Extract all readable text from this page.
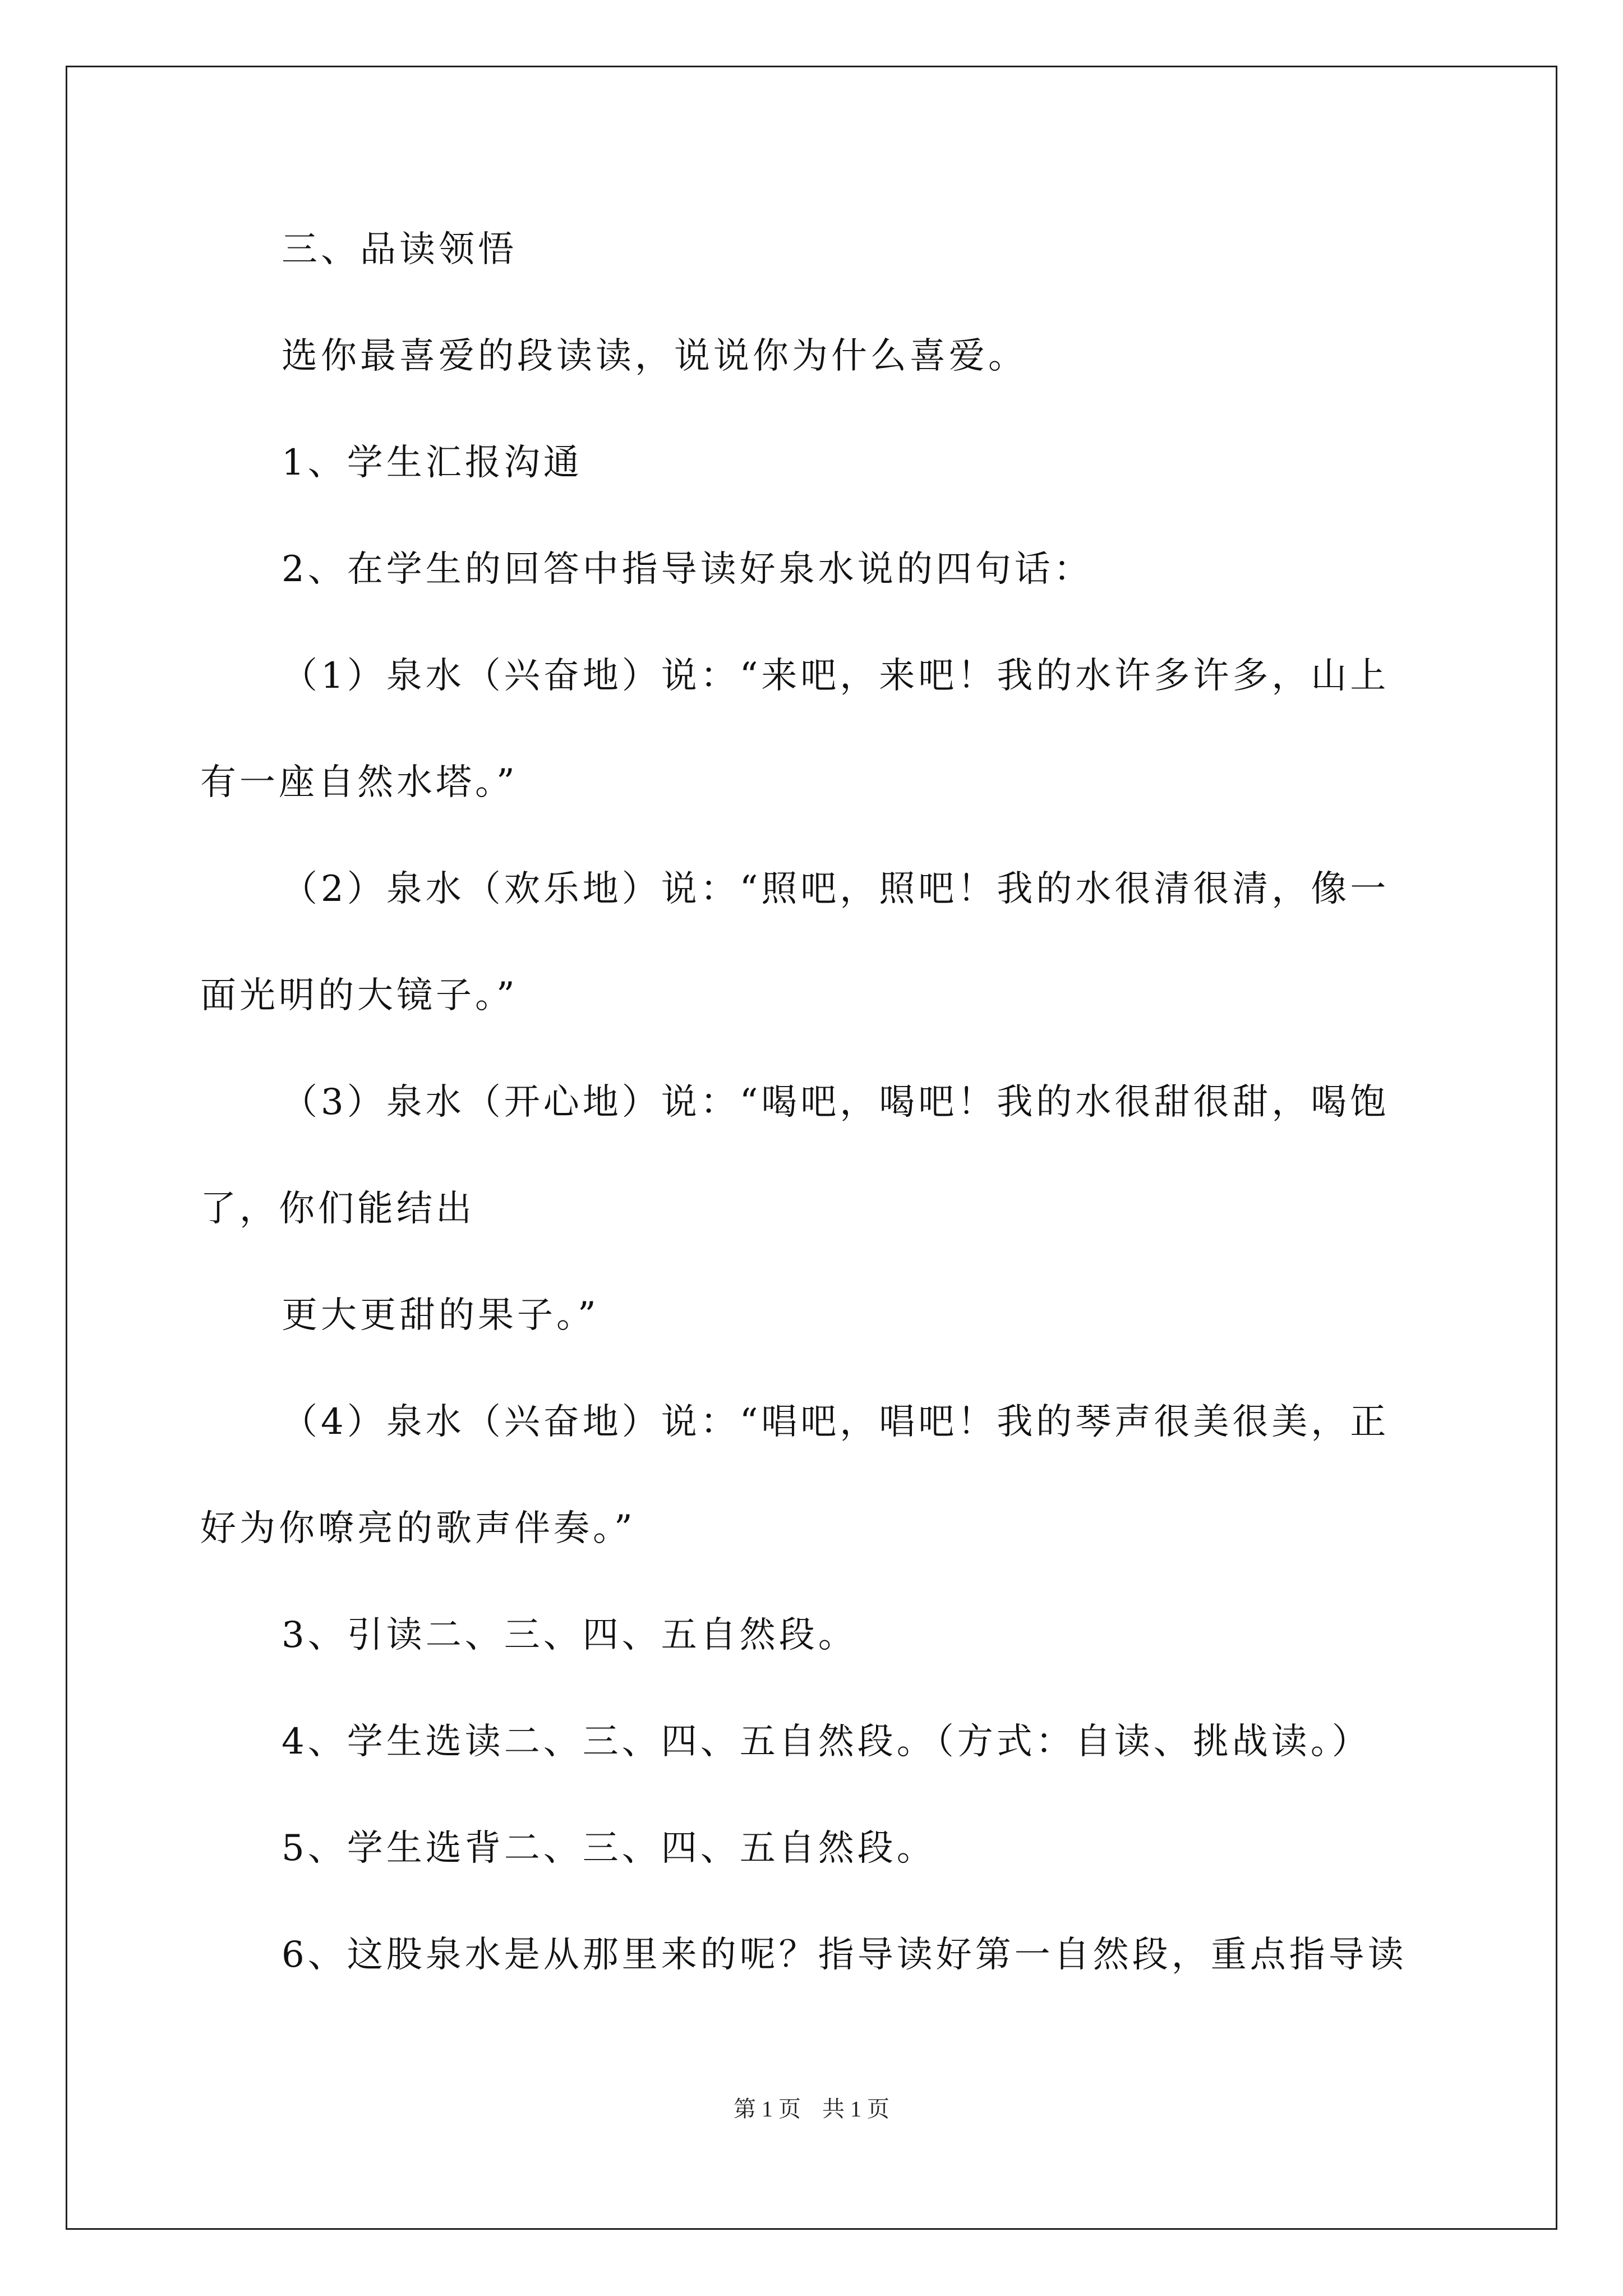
三、品读领悟
选你最喜爱的段读读，说说你为什么喜爱。
1、学生汇报沟通
2、在学生的回答中指导读好泉水说的四句话：
（1）泉水（兴奋地）说：“来吧，来吧！我的水许多许多，山上
有一座自然水塔。”
（2）泉水（欢乐地）说：“照吧，照吧！我的水很清很清，像一
面光明的大镜子。”
（3）泉水（开心地）说：“喝吧，喝吧！我的水很甜很甜，喝饱
了，你们能结出
更大更甜的果子。”
（4）泉水（兴奋地）说：“唱吧，唱吧！我的琴声很美很美，正
好为你嘹亮的歌声伴奏。”
3、引读二、三、四、五自然段。
4、学生选读二、三、四、五自然段。（方式：自读、挑战读。）
5、学生选背二、三、四、五自然段。
6、这股泉水是从那里来的呢？指导读好第一自然段，重点指导读
第 1 页 共 1 页
